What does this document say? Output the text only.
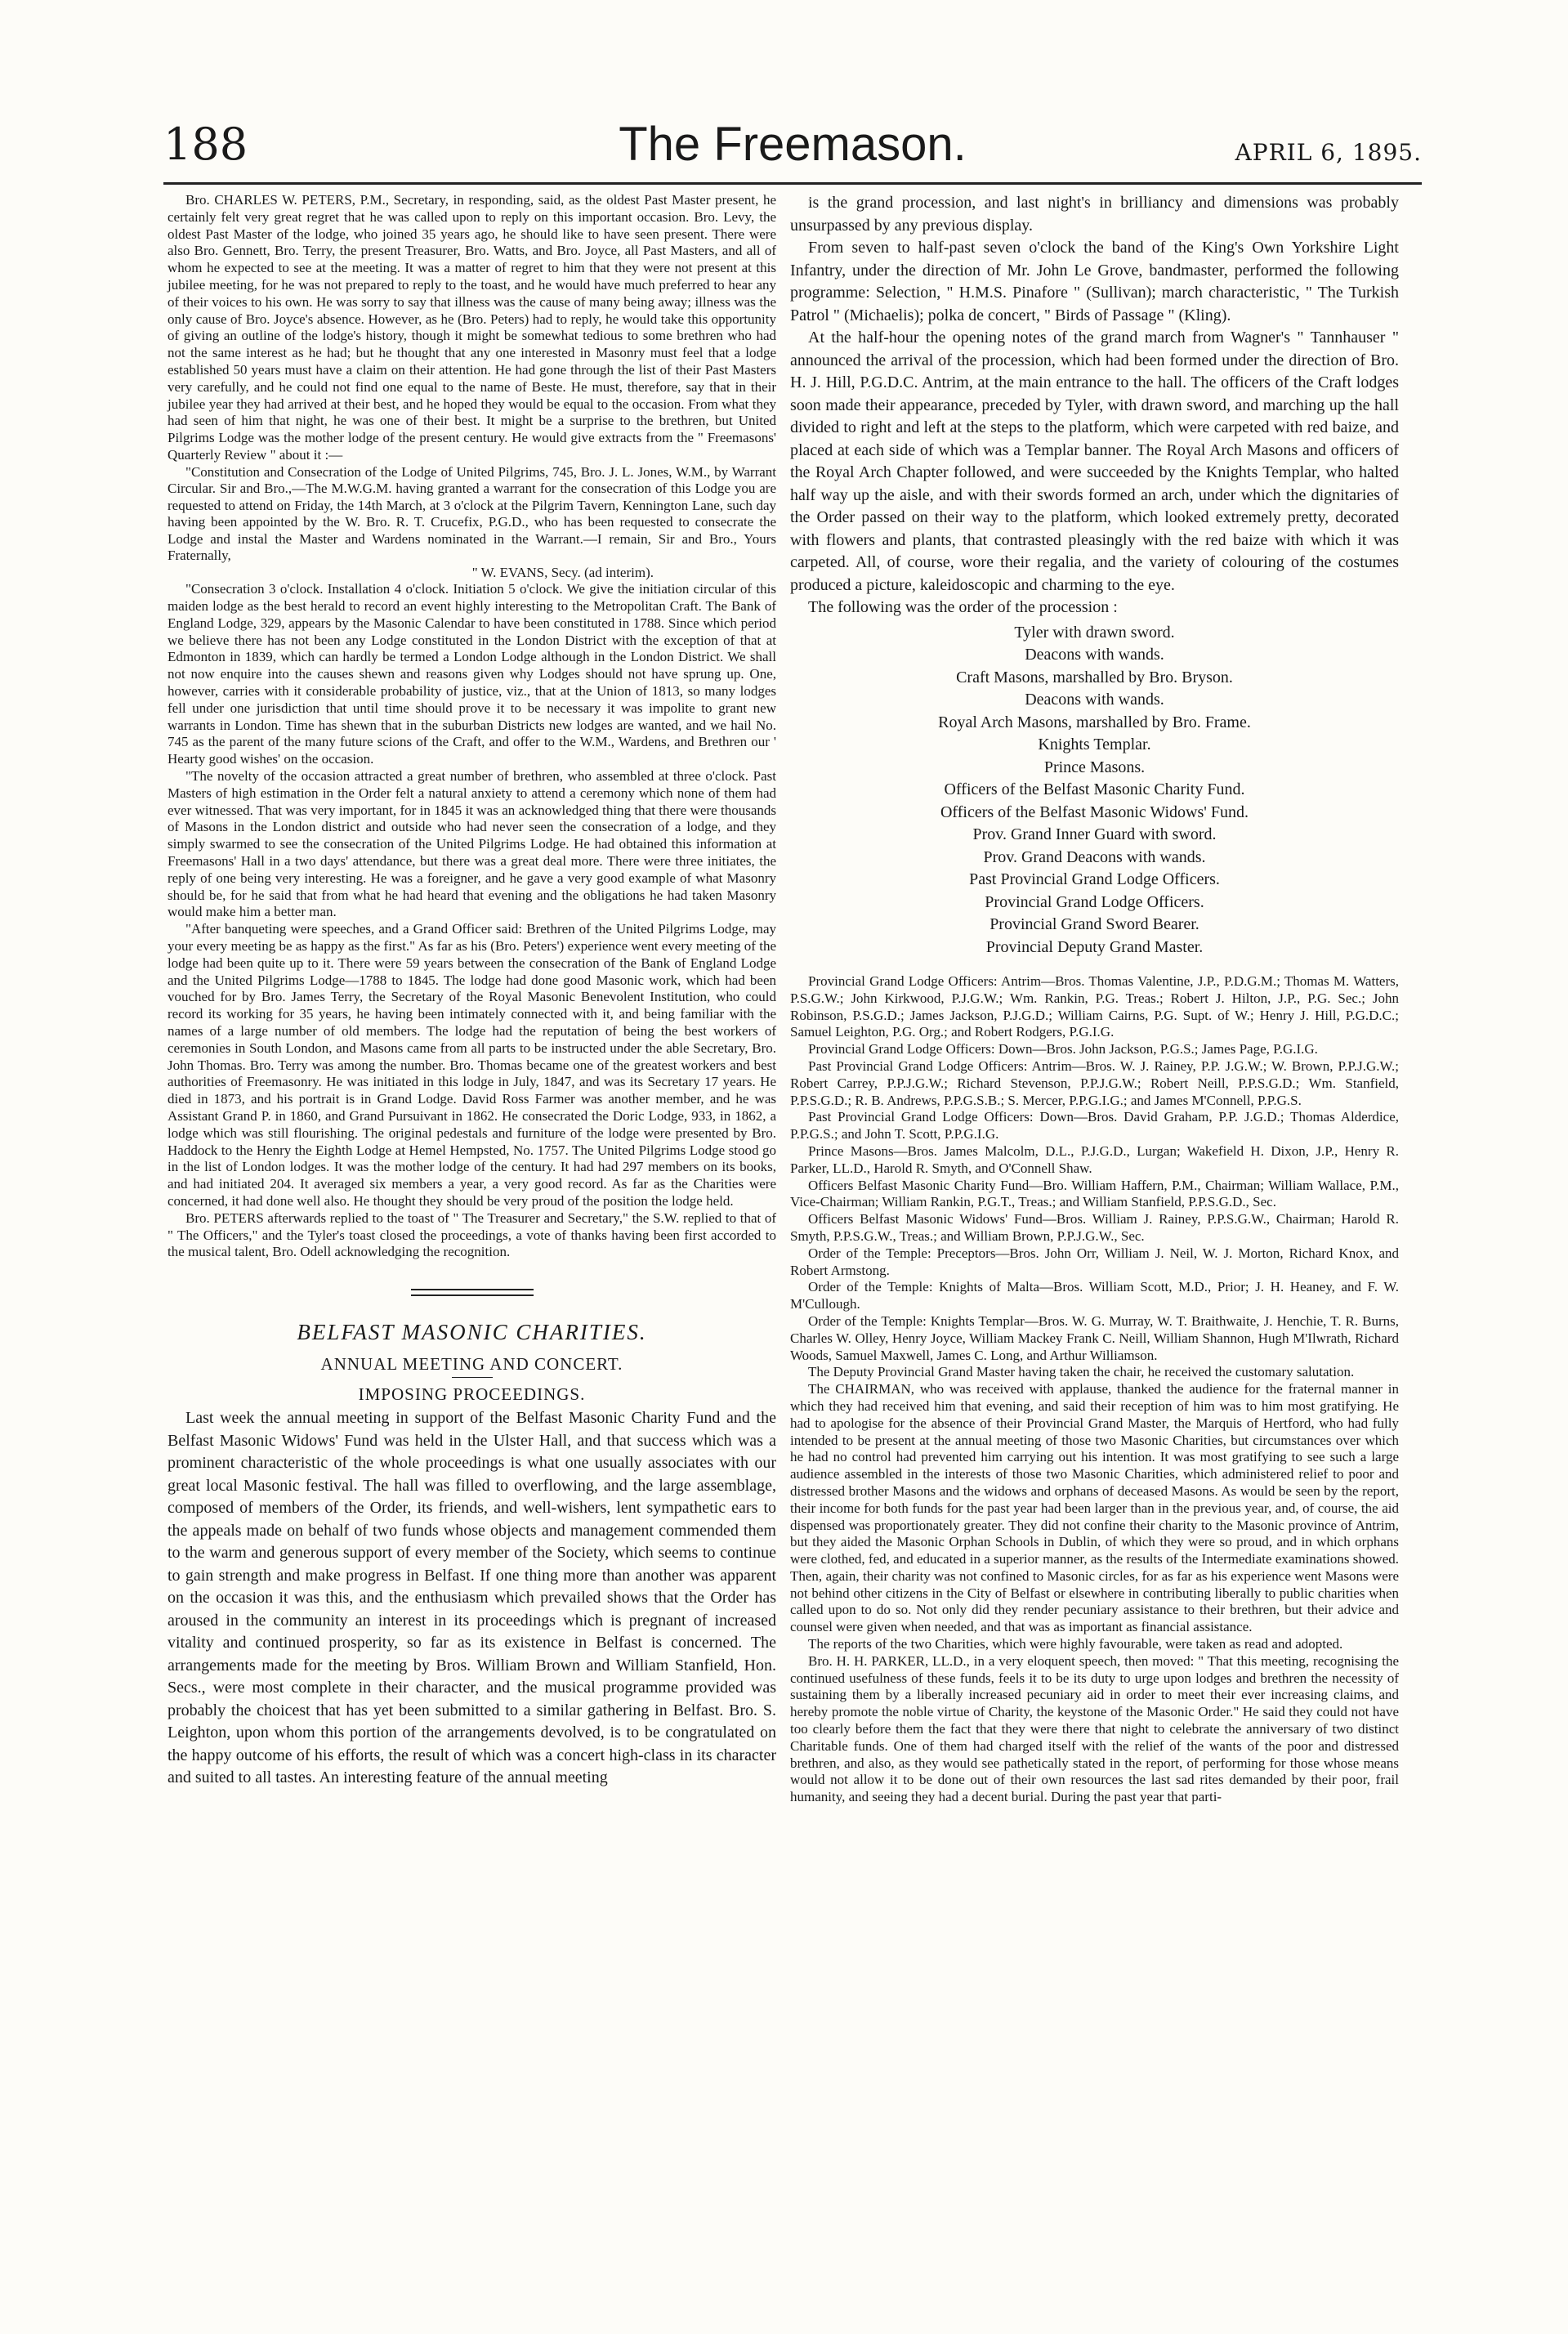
188	The Freemason.	APRIL 6, 1895.

Bro. CHARLES W. PETERS, P.M., Secretary, in responding, said, as the oldest Past Master present, he certainly felt very great regret that he was called upon to reply on this important occasion. Bro. Levy, the oldest Past Master of the lodge, who joined 35 years ago, he should like to have seen present. There were also Bro. Gennett, Bro. Terry, the present Treasurer, Bro. Watts, and Bro. Joyce, all Past Masters, and all of whom he expected to see at the meeting. It was a matter of regret to him that they were not present at this jubilee meeting, for he was not prepared to reply to the toast, and he would have much preferred to hear any of their voices to his own. He was sorry to say that illness was the cause of many being away; illness was the only cause of Bro. Joyce's absence. However, as he (Bro. Peters) had to reply, he would take this opportunity of giving an outline of the lodge's history, though it might be somewhat tedious to some brethren who had not the same interest as he had; but he thought that any one interested in Masonry must feel that a lodge established 50 years must have a claim on their attention. He had gone through the list of their Past Masters very carefully, and he could not find one equal to the name of Beste. He must, therefore, say that in their jubilee year they had arrived at their best, and he hoped they would be equal to the occasion. From what they had seen of him that night, he was one of their best. It might be a surprise to the brethren, but United Pilgrims Lodge was the mother lodge of the present century. He would give extracts from the " Freemasons' Quarterly Review " about it :—

"Constitution and Consecration of the Lodge of United Pilgrims, 745, Bro. J. L. Jones, W.M., by Warrant Circular. Sir and Bro.,—The M.W.G.M. having granted a warrant for the consecration of this Lodge you are requested to attend on Friday, the 14th March, at 3 o'clock at the Pilgrim Tavern, Kennington Lane, such day having been appointed by the W. Bro. R. T. Crucefix, P.G.D., who has been requested to consecrate the Lodge and instal the Master and Wardens nominated in the Warrant.—I remain, Sir and Bro., Yours Fraternally,

" W. EVANS, Secy. (ad interim).

"Consecration 3 o'clock. Installation 4 o'clock. Initiation 5 o'clock. We give the initiation circular of this maiden lodge as the best herald to record an event highly interesting to the Metropolitan Craft. The Bank of England Lodge, 329, appears by the Masonic Calendar to have been constituted in 1788. Since which period we believe there has not been any Lodge constituted in the London District with the exception of that at Edmonton in 1839, which can hardly be termed a London Lodge although in the London District. We shall not now enquire into the causes shewn and reasons given why Lodges should not have sprung up. One, however, carries with it considerable probability of justice, viz., that at the Union of 1813, so many lodges fell under one jurisdiction that until time should prove it to be necessary it was impolite to grant new warrants in London. Time has shewn that in the suburban Districts new lodges are wanted, and we hail No. 745 as the parent of the many future scions of the Craft, and offer to the W.M., Wardens, and Brethren our ' Hearty good wishes' on the occasion.

"The novelty of the occasion attracted a great number of brethren, who assembled at three o'clock. Past Masters of high estimation in the Order felt a natural anxiety to attend a ceremony which none of them had ever witnessed. That was very important, for in 1845 it was an acknowledged thing that there were thousands of Masons in the London district and outside who had never seen the consecration of a lodge, and they simply swarmed to see the consecration of the United Pilgrims Lodge. He had obtained this information at Freemasons' Hall in a two days' attendance, but there was a great deal more. There were three initiates, the reply of one being very interesting. He was a foreigner, and he gave a very good example of what Masonry should be, for he said that from what he had heard that evening and the obligations he had taken Masonry would make him a better man.

"After banqueting were speeches, and a Grand Officer said: Brethren of the United Pilgrims Lodge, may your every meeting be as happy as the first." As far as his (Bro. Peters') experience went every meeting of the lodge had been quite up to it. There were 59 years between the consecration of the Bank of England Lodge and the United Pilgrims Lodge—1788 to 1845. The lodge had done good Masonic work, which had been vouched for by Bro. James Terry, the Secretary of the Royal Masonic Benevolent Institution, who could record its working for 35 years, he having been intimately connected with it, and being familiar with the names of a large number of old members. The lodge had the reputation of being the best workers of ceremonies in South London, and Masons came from all parts to be instructed under the able Secretary, Bro. John Thomas. Bro. Terry was among the number. Bro. Thomas became one of the greatest workers and best authorities of Freemasonry. He was initiated in this lodge in July, 1847, and was its Secretary 17 years. He died in 1873, and his portrait is in Grand Lodge. David Ross Farmer was another member, and he was Assistant Grand P. in 1860, and Grand Pursuivant in 1862. He consecrated the Doric Lodge, 933, in 1862, a lodge which was still flourishing. The original pedestals and furniture of the lodge were presented by Bro. Haddock to the Henry the Eighth Lodge at Hemel Hempsted, No. 1757. The United Pilgrims Lodge stood go in the list of London lodges. It was the mother lodge of the century. It had had 297 members on its books, and had initiated 204. It averaged six members a year, a very good record. As far as the Charities were concerned, it had done well also. He thought they should be very proud of the position the lodge held.

Bro. PETERS afterwards replied to the toast of " The Treasurer and Secretary," the S.W. replied to that of " The Officers," and the Tyler's toast closed the proceedings, a vote of thanks having been first accorded to the musical talent, Bro. Odell acknowledging the recognition.

BELFAST MASONIC CHARITIES.
ANNUAL MEETING AND CONCERT.
IMPOSING PROCEEDINGS.

Last week the annual meeting in support of the Belfast Masonic Charity Fund and the Belfast Masonic Widows' Fund was held in the Ulster Hall, and that success which was a prominent characteristic of the whole proceedings is what one usually associates with our great local Masonic festival. The hall was filled to overflowing, and the large assemblage, composed of members of the Order, its friends, and well-wishers, lent sympathetic ears to the appeals made on behalf of two funds whose objects and management commended them to the warm and generous support of every member of the Society, which seems to continue to gain strength and make progress in Belfast. If one thing more than another was apparent on the occasion it was this, and the enthusiasm which prevailed shows that the Order has aroused in the community an interest in its proceedings which is pregnant of increased vitality and continued prosperity, so far as its existence in Belfast is concerned. The arrangements made for the meeting by Bros. William Brown and William Stanfield, Hon. Secs., were most complete in their character, and the musical programme provided was probably the choicest that has yet been submitted to a similar gathering in Belfast. Bro. S. Leighton, upon whom this portion of the arrangements devolved, is to be congratulated on the happy outcome of his efforts, the result of which was a concert high-class in its character and suited to all tastes. An interesting feature of the annual meeting

is the grand procession, and last night's in brilliancy and dimensions was probably unsurpassed by any previous display.

From seven to half-past seven o'clock the band of the King's Own Yorkshire Light Infantry, under the direction of Mr. John Le Grove, bandmaster, performed the following programme: Selection, " H.M.S. Pinafore " (Sullivan); march characteristic, " The Turkish Patrol " (Michaelis); polka de concert, " Birds of Passage " (Kling).

At the half-hour the opening notes of the grand march from Wagner's " Tannhauser " announced the arrival of the procession, which had been formed under the direction of Bro. H. J. Hill, P.G.D.C. Antrim, at the main entrance to the hall. The officers of the Craft lodges soon made their appearance, preceded by Tyler, with drawn sword, and marching up the hall divided to right and left at the steps to the platform, which were carpeted with red baize, and placed at each side of which was a Templar banner. The Royal Arch Masons and officers of the Royal Arch Chapter followed, and were succeeded by the Knights Templar, who halted half way up the aisle, and with their swords formed an arch, under which the dignitaries of the Order passed on their way to the platform, which looked extremely pretty, decorated with flowers and plants, that contrasted pleasingly with the red baize with which it was carpeted. All, of course, wore their regalia, and the variety of colouring of the costumes produced a picture, kaleidoscopic and charming to the eye.

The following was the order of the procession :
Tyler with drawn sword.
Deacons with wands.
Craft Masons, marshalled by Bro. Bryson.
Deacons with wands.
Royal Arch Masons, marshalled by Bro. Frame.
Knights Templar.
Prince Masons.
Officers of the Belfast Masonic Charity Fund.
Officers of the Belfast Masonic Widows' Fund.
Prov. Grand Inner Guard with sword.
Prov. Grand Deacons with wands.
Past Provincial Grand Lodge Officers.
Provincial Grand Lodge Officers.
Provincial Grand Sword Bearer.
Provincial Deputy Grand Master.

Provincial Grand Lodge Officers: Antrim—Bros. Thomas Valentine, J.P., P.D.G.M.; Thomas M. Watters, P.S.G.W.; John Kirkwood, P.J.G.W.; Wm. Rankin, P.G. Treas.; Robert J. Hilton, J.P., P.G. Sec.; John Robinson, P.S.G.D.; James Jackson, P.J.G.D.; William Cairns, P.G. Supt. of W.; Henry J. Hill, P.G.D.C.; Samuel Leighton, P.G. Org.; and Robert Rodgers, P.G.I.G.

Provincial Grand Lodge Officers: Down—Bros. John Jackson, P.G.S.; James Page, P.G.I.G.

Past Provincial Grand Lodge Officers: Antrim—Bros. W. J. Rainey, P.P. J.G.W.; W. Brown, P.P.J.G.W.; Robert Carrey, P.P.J.G.W.; Richard Stevenson, P.P.J.G.W.; Robert Neill, P.P.S.G.D.; Wm. Stanfield, P.P.S.G.D.; R. B. Andrews, P.P.G.S.B.; S. Mercer, P.P.G.I.G.; and James M'Connell, P.P.G.S.

Past Provincial Grand Lodge Officers: Down—Bros. David Graham, P.P. J.G.D.; Thomas Alderdice, P.P.G.S.; and John T. Scott, P.P.G.I.G.

Prince Masons—Bros. James Malcolm, D.L., P.J.G.D., Lurgan; Wakefield H. Dixon, J.P., Henry R. Parker, LL.D., Harold R. Smyth, and O'Connell Shaw.

Officers Belfast Masonic Charity Fund—Bro. William Haffern, P.M., Chairman; William Wallace, P.M., Vice-Chairman; William Rankin, P.G.T., Treas.; and William Stanfield, P.P.S.G.D., Sec.

Officers Belfast Masonic Widows' Fund—Bros. William J. Rainey, P.P.S.G.W., Chairman; Harold R. Smyth, P.P.S.G.W., Treas.; and William Brown, P.P.J.G.W., Sec.

Order of the Temple: Preceptors—Bros. John Orr, William J. Neil, W. J. Morton, Richard Knox, and Robert Armstong.

Order of the Temple: Knights of Malta—Bros. William Scott, M.D., Prior; J. H. Heaney, and F. W. M'Cullough.

Order of the Temple: Knights Templar—Bros. W. G. Murray, W. T. Braithwaite, J. Henchie, T. R. Burns, Charles W. Olley, Henry Joyce, William Mackey Frank C. Neill, William Shannon, Hugh M'Ilwrath, Richard Woods, Samuel Maxwell, James C. Long, and Arthur Williamson.

The Deputy Provincial Grand Master having taken the chair, he received the customary salutation.

The CHAIRMAN, who was received with applause, thanked the audience for the fraternal manner in which they had received him that evening, and said their reception of him was to him most gratifying. He had to apologise for the absence of their Provincial Grand Master, the Marquis of Hertford, who had fully intended to be present at the annual meeting of those two Masonic Charities, but circumstances over which he had no control had prevented him carrying out his intention. It was most gratifying to see such a large audience assembled in the interests of those two Masonic Charities, which administered relief to poor and distressed brother Masons and the widows and orphans of deceased Masons. As would be seen by the report, their income for both funds for the past year had been larger than in the previous year, and, of course, the aid dispensed was proportionately greater. They did not confine their charity to the Masonic province of Antrim, but they aided the Masonic Orphan Schools in Dublin, of which they were so proud, and in which orphans were clothed, fed, and educated in a superior manner, as the results of the Intermediate examinations showed. Then, again, their charity was not confined to Masonic circles, for as far as his experience went Masons were not behind other citizens in the City of Belfast or elsewhere in contributing liberally to public charities when called upon to do so. Not only did they render pecuniary assistance to their brethren, but their advice and counsel were given when needed, and that was as important as financial assistance.

The reports of the two Charities, which were highly favourable, were taken as read and adopted.

Bro. H. H. PARKER, LL.D., in a very eloquent speech, then moved: " That this meeting, recognising the continued usefulness of these funds, feels it to be its duty to urge upon lodges and brethren the necessity of sustaining them by a liberally increased pecuniary aid in order to meet their ever increasing claims, and hereby promote the noble virtue of Charity, the keystone of the Masonic Order." He said they could not have too clearly before them the fact that they were there that night to celebrate the anniversary of two distinct Charitable funds. One of them had charged itself with the relief of the wants of the poor and distressed brethren, and also, as they would see pathetically stated in the report, of performing for those whose means would not allow it to be done out of their own resources the last sad rites demanded by their poor, frail humanity, and seeing they had a decent burial. During the past year that parti-
